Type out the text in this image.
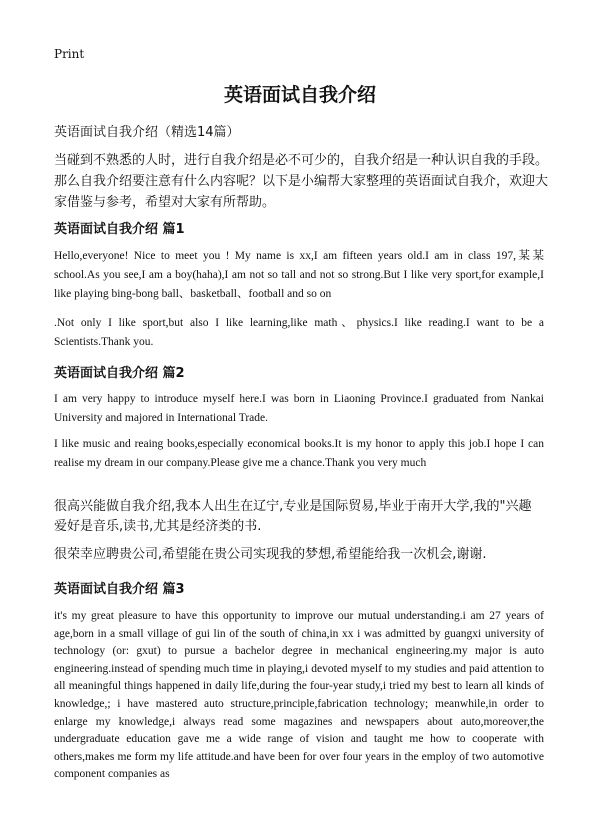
Print
英语面试自我介绍
英语面试自我介绍（精选14篇）
当碰到不熟悉的人时，进行自我介绍是必不可少的，自我介绍是一种认识自我的手段。那么自我介绍要注意有什么内容呢？以下是小编帮大家整理的英语面试自我介，欢迎大家借鉴与参考，希望对大家有所帮助。
英语面试自我介绍 篇1
Hello,everyone! Nice to meet you ! My name is xx,I am fifteen years old.I am in class 197,某某 school.As you see,I am a boy(haha),I am not so tall and not so strong.But I like very sport,for example,I like playing bing-bong ball、basketball、football and so on
.Not only I like sport,but also I like learning,like math、physics.I like reading.I want to be a Scientists.Thank you.
英语面试自我介绍 篇2
I am very happy to introduce myself here.I was born in Liaoning Province.I graduated from Nankai University and majored in International Trade.
I like music and reaing books,especially economical books.It is my honor to apply this job.I hope I can realise my dream in our company.Please give me a chance.Thank you very much
很高兴能做自我介绍,我本人出生在辽宁,专业是国际贸易,毕业于南开大学,我的"兴趣爱好是音乐,读书,尤其是经济类的书.
很荣幸应聘贵公司,希望能在贵公司实现我的梦想,希望能给我一次机会,谢谢.
英语面试自我介绍 篇3
it's my great pleasure to have this opportunity to improve our mutual understanding.i am 27 years of age,born in a small village of gui lin of the south of china,in xx i was admitted by guangxi university of technology (or: gxut) to pursue a bachelor degree in mechanical engineering.my major is auto engineering.instead of spending much time in playing,i devoted myself to my studies and paid attention to all meaningful things happened in daily life,during the four-year study,i tried my best to learn all kinds of knowledge,; i have mastered auto structure,principle,fabrication technology; meanwhile,in order to enlarge my knowledge,i always read some magazines and newspapers about auto,moreover,the undergraduate education gave me a wide range of vision and taught me how to cooperate with others,makes me form my life attitude.and have been for over four years in the employ of two automotive component companies as
